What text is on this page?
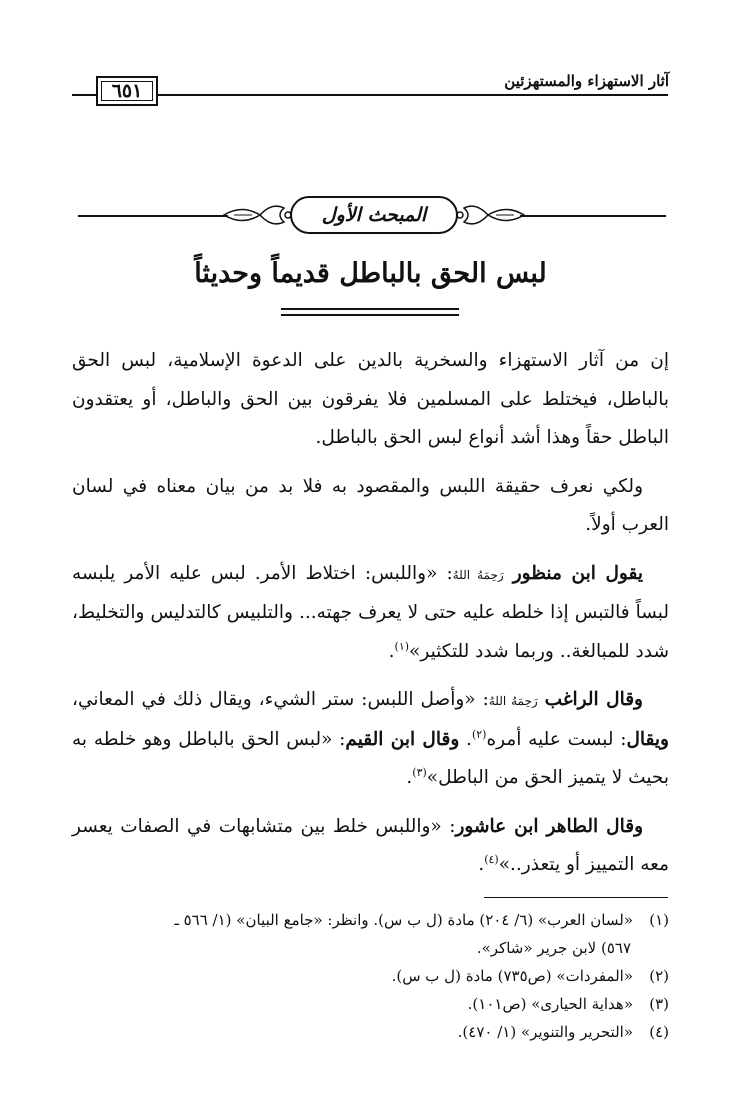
٦٥١	آثار الاستهزاء والمستهزئين
المبحث الأول
لبس الحق بالباطل قديماً وحديثاً

إن من آثار الاستهزاء والسخرية بالدين على الدعوة الإسلامية، لبس الحق بالباطل، فيختلط على المسلمين فلا يفرقون بين الحق والباطل، أو يعتقدون الباطل حقاً وهذا أشد أنواع لبس الحق بالباطل.

ولكي نعرف حقيقة اللبس والمقصود به فلا بد من بيان معناه في لسان العرب أولاً.

يقول ابن منظور رَحِمَهُ اللهُ: «واللبس: اختلاط الأمر. لبس عليه الأمر يلبسه لبساً فالتبس إذا خلطه عليه حتى لا يعرف جهته... والتلبيس كالتدليس والتخليط، شدد للمبالغة.. وربما شدد للتكثير»$^{(١)}$.

وقال الراغب رَحِمَهُ اللهُ: «وأصل اللبس: ستر الشيء، ويقال ذلك في المعاني، ويقال: لبست عليه أمره$^{(٢)}$. وقال ابن القيم: «لبس الحق بالباطل وهو خلطه به بحيث لا يتميز الحق من الباطل»$^{(٣)}$.

وقال الطاهر ابن عاشور: «واللبس خلط بين متشابهات في الصفات يعسر معه التمييز أو يتعذر..»$^{(٤)}$.

(١)«لسان العرب» (٦/ ٢٠٤) مادة (ل ب س). وانظر: «جامع البيان» (١/ ٥٦٦ ـ

٥٦٧) لابن جرير «شاكر».

(٢)«المفردات» (ص٧٣٥) مادة (ل ب س).

(٣)«هداية الحيارى» (ص١٠١).

(٤)«التحرير والتنوير» (١/ ٤٧٠).
